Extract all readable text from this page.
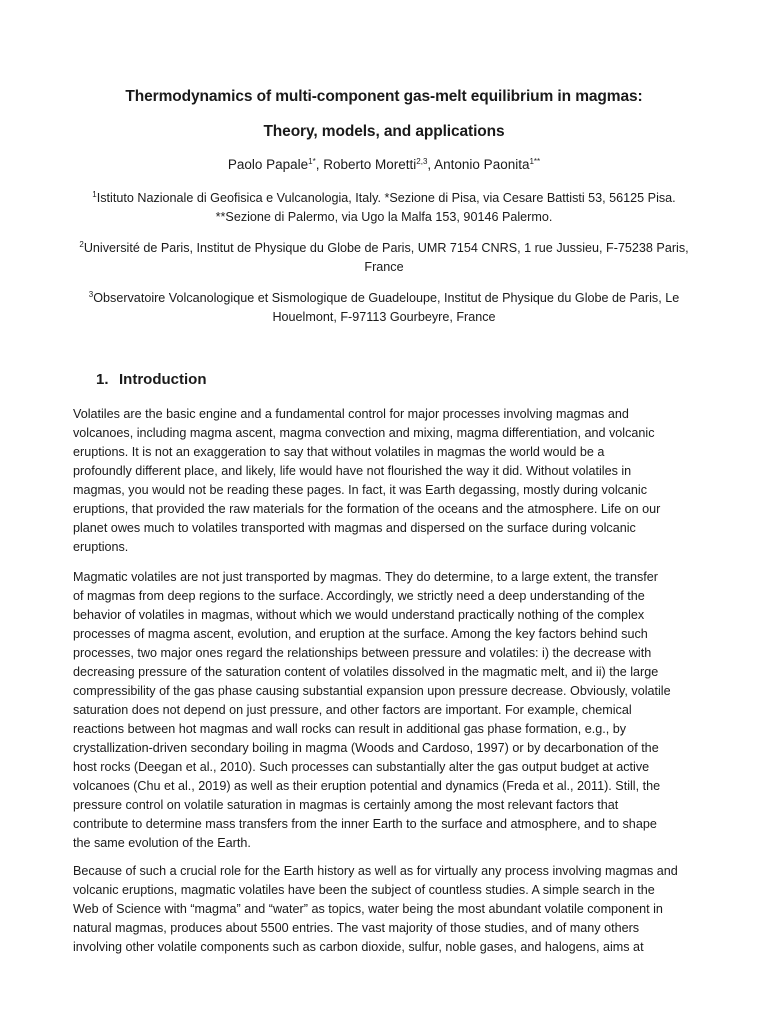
Thermodynamics of multi-component gas-melt equilibrium in magmas:
Theory, models, and applications
Paolo Papale$^{1*}$, Roberto Moretti$^{2,3}$, Antonio Paonita$^{1**}$
$^1$Istituto Nazionale di Geofisica e Vulcanologia, Italy. *Sezione di Pisa, via Cesare Battisti 53, 56125 Pisa.
**Sezione di Palermo, via Ugo la Malfa 153, 90146 Palermo.
$^2$Université de Paris, Institut de Physique du Globe de Paris, UMR 7154 CNRS, 1 rue Jussieu, F-75238 Paris,
France
$^3$Observatoire Volcanologique et Sismologique de Guadeloupe, Institut de Physique du Globe de Paris, Le
Houelmont, F-97113 Gourbeyre, France
1. Introduction
Volatiles are the basic engine and a fundamental control for major processes involving magmas and
volcanoes, including magma ascent, magma convection and mixing, magma differentiation, and volcanic
eruptions. It is not an exaggeration to say that without volatiles in magmas the world would be a
profoundly different place, and likely, life would have not flourished the way it did. Without volatiles in
magmas, you would not be reading these pages. In fact, it was Earth degassing, mostly during volcanic
eruptions, that provided the raw materials for the formation of the oceans and the atmosphere. Life on our
planet owes much to volatiles transported with magmas and dispersed on the surface during volcanic
eruptions.
Magmatic volatiles are not just transported by magmas. They do determine, to a large extent, the transfer
of magmas from deep regions to the surface. Accordingly, we strictly need a deep understanding of the
behavior of volatiles in magmas, without which we would understand practically nothing of the complex
processes of magma ascent, evolution, and eruption at the surface. Among the key factors behind such
processes, two major ones regard the relationships between pressure and volatiles: i) the decrease with
decreasing pressure of the saturation content of volatiles dissolved in the magmatic melt, and ii) the large
compressibility of the gas phase causing substantial expansion upon pressure decrease. Obviously, volatile
saturation does not depend on just pressure, and other factors are important. For example, chemical
reactions between hot magmas and wall rocks can result in additional gas phase formation, e.g., by
crystallization-driven secondary boiling in magma (Woods and Cardoso, 1997) or by decarbonation of the
host rocks (Deegan et al., 2010). Such processes can substantially alter the gas output budget at active
volcanoes (Chu et al., 2019) as well as their eruption potential and dynamics (Freda et al., 2011). Still, the
pressure control on volatile saturation in magmas is certainly among the most relevant factors that
contribute to determine mass transfers from the inner Earth to the surface and atmosphere, and to shape
the same evolution of the Earth.
Because of such a crucial role for the Earth history as well as for virtually any process involving magmas and
volcanic eruptions, magmatic volatiles have been the subject of countless studies. A simple search in the
Web of Science with “magma” and “water” as topics, water being the most abundant volatile component in
natural magmas, produces about 5500 entries. The vast majority of those studies, and of many others
involving other volatile components such as carbon dioxide, sulfur, noble gases, and halogens, aims at
